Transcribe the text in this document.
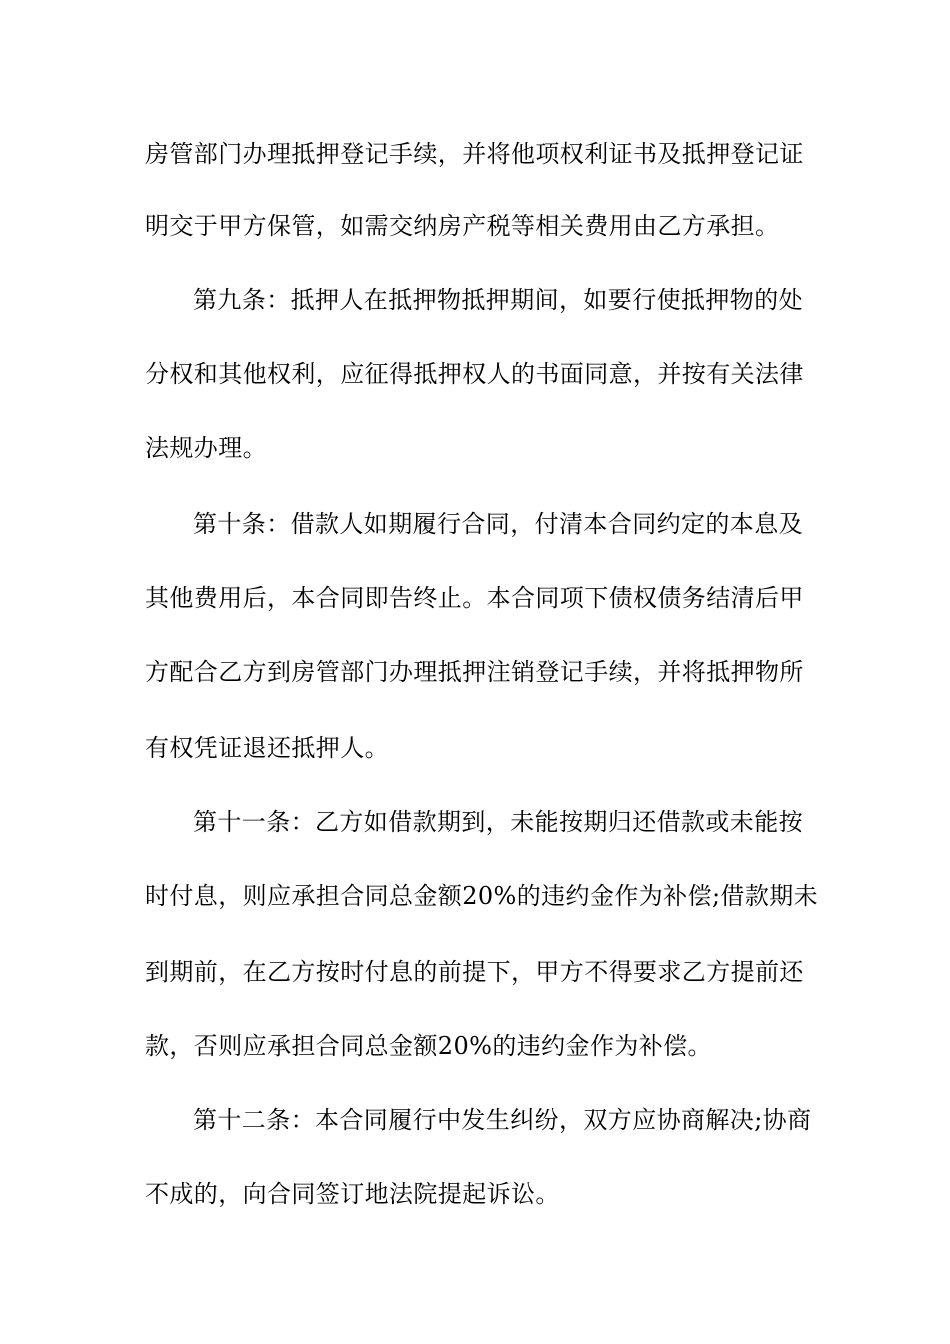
房管部门办理抵押登记手续，并将他项权利证书及抵押登记证
明交于甲方保管，如需交纳房产税等相关费用由乙方承担。
第九条：抵押人在抵押物抵押期间，如要行使抵押物的处
分权和其他权利，应征得抵押权人的书面同意，并按有关法律
法规办理。
第十条：借款人如期履行合同，付清本合同约定的本息及
其他费用后，本合同即告终止。本合同项下债权债务结清后甲
方配合乙方到房管部门办理抵押注销登记手续，并将抵押物所
有权凭证退还抵押人。
第十一条：乙方如借款期到，未能按期归还借款或未能按
时付息，则应承担合同总金额20%的违约金作为补偿;借款期未
到期前，在乙方按时付息的前提下，甲方不得要求乙方提前还
款，否则应承担合同总金额20%的违约金作为补偿。
第十二条：本合同履行中发生纠纷，双方应协商解决;协商
不成的，向合同签订地法院提起诉讼。
